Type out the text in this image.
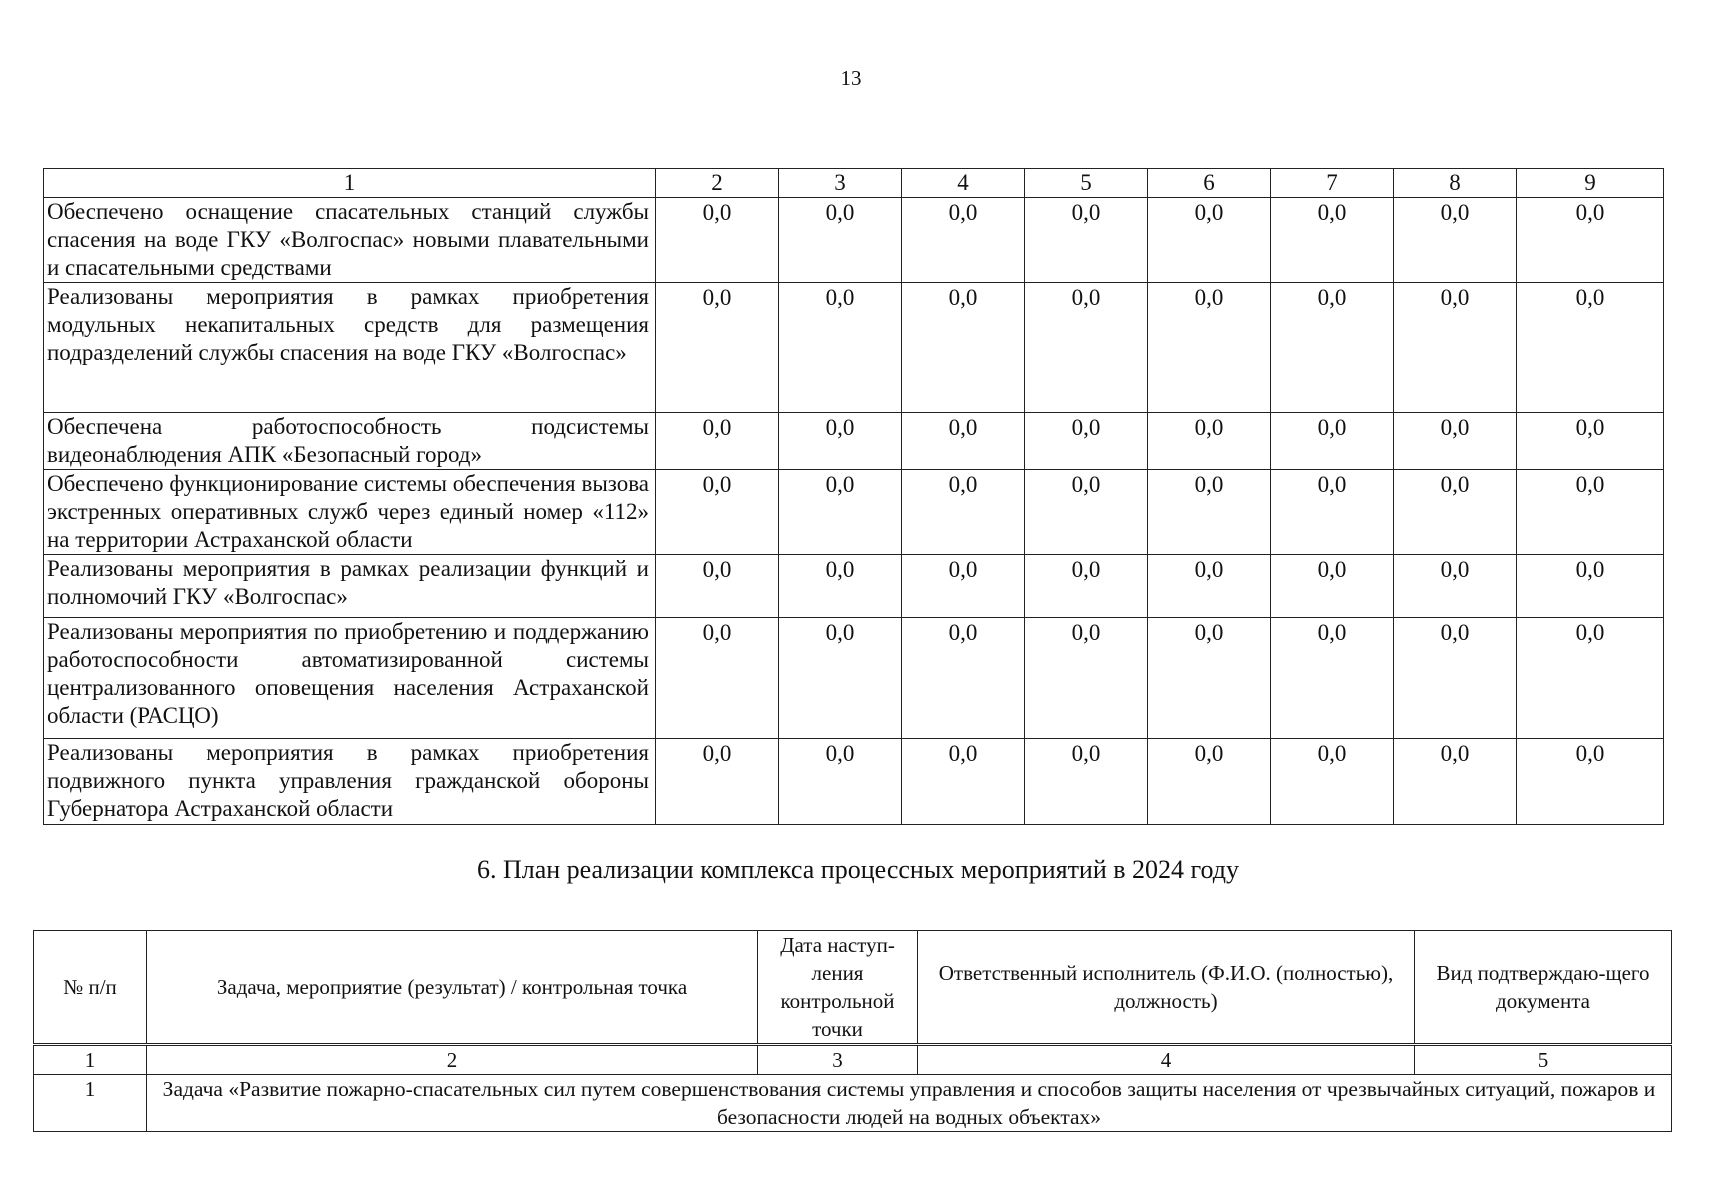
13
1	2	3	4	5	6	7	8	9
Обеспечено оснащение спасательных станций службы спасения на воде ГКУ «Волгоспас» новыми плавательными и спасательными средствами	0,0	0,0	0,0	0,0	0,0	0,0	0,0	0,0
Реализованы мероприятия в рамках приобретения модульных некапитальных средств для размещения подразделений службы спасения на воде ГКУ «Волгоспас»	0,0	0,0	0,0	0,0	0,0	0,0	0,0	0,0
Обеспечена работоспособность подсистемы видеонаблюдения АПК «Безопасный город»	0,0	0,0	0,0	0,0	0,0	0,0	0,0	0,0
Обеспечено функционирование системы обеспечения вызова экстренных оперативных служб через единый номер «112» на территории Астраханской области	0,0	0,0	0,0	0,0	0,0	0,0	0,0	0,0
Реализованы мероприятия в рамках реализации функций и полномочий ГКУ «Волгоспас»	0,0	0,0	0,0	0,0	0,0	0,0	0,0	0,0
Реализованы мероприятия по приобретению и поддержанию работоспособности автоматизированной системы централизованного оповещения населения Астраханской области (РАСЦО)	0,0	0,0	0,0	0,0	0,0	0,0	0,0	0,0
Реализованы мероприятия в рамках приобретения подвижного пункта управления гражданской обороны Губернатора Астраханской области	0,0	0,0	0,0	0,0	0,0	0,0	0,0	0,0
6. План реализации комплекса процессных мероприятий в 2024 году
№ п/п	Задача, мероприятие (результат) / контрольная точка	Дата наступ-ления контрольной точки	Ответственный исполнитель (Ф.И.О. (полностью), должность)	Вид подтверждаю-щего документа
1	2	3	4	5
1	Задача «Развитие пожарно-спасательных сил путем совершенствования системы управления и способов защиты населения от чрезвычайных ситуаций, пожаров и безопасности людей на водных объектах»			
